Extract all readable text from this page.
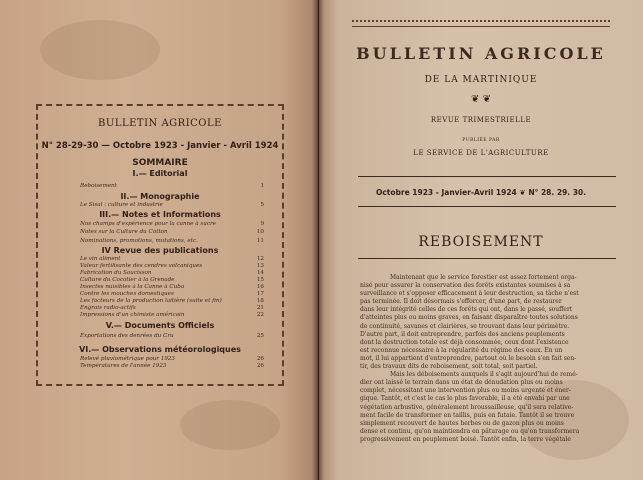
BULLETIN AGRICOLE
N° 28-29-30 — Octobre 1923 - Janvier - Avril 1924
SOMMAIRE
I.— Editorial
Reboisement	1
II.— Monographie
Le Sisal : culture et industrie	5
III.— Notes et Informations
Nos champs d'expérience pour la canne à sucre	9
Notes sur la Culture du Cotton	10
Nominations, promotions, mutations, etc.	11
IV Revue des publications
Le vin aliment	12
Valeur fertilisante des cendres volcaniques	13
Fabrication du Saucisson	14
Culture du Cocotier à la Grenade	15
Insectes nuisibles à la Canne à Cuba	16
Contre les mouches domestiques	17
Les facteurs de la production laitière (suite et fin)	18
Engrais radio-actifs	21
Impressions d'un chimiste américain	22
V.— Documents Officiels
Exportations des denrées du Cru	25
VI.— Observations météorologiques
Relevé pluviométrique pour 1923	26
Températures de l'année 1923	26
BULLETIN AGRICOLE
DE LA MARTINIQUE
❦ ❦
REVUE TRIMESTRIELLE
PUBLIÉE PAR
LE SERVICE DE L'AGRICULTURE
Octobre 1923 - Janvier-Avril 1924 ❦ N° 28. 29. 30.
REBOISEMENT
Maintenant que le service forestier est assez fortement orga-
nisé pour assurer la conservation des forêts existantes soumises à sa
surveillance et s'opposer efficacement à leur destruction, sa tâche n'est
pas terminée. Il doit désormais s'efforcer, d'une part, de restaurer
dans leur intégrité celles de ces forêts qui ont, dans le passé, souffert
d'atteintes plus ou moins graves, en faisant disparaître toutes solutions
de continuité, savanes et clairières, se trouvant dans leur périmètre.
D'autre part, il doit entreprendre, parfois des anciens peuplements
dont la destruction totale est déjà consommée, ceux dont l'existence
est reconnue nécessaire à la régularité du régime des eaux. En un
mot, il lui appartient d'entreprendre, partout où le besoin s'en fait sen-
tir, des travaux dits de reboisement, soit total, soit partiel.
Mais les déboisements auxquels il s'agit aujourd'hui de remé-
dier ont laissé le terrain dans un état de dénudation plus ou moins
complet, nécessitant une intervention plus ou moins urgente et éner-
gique. Tantôt, et c'est le cas le plus favorable, il a été envahi par une
végétation arbustive, généralement broussailleuse, qu'il sera relative-
ment facile de transformer en taillis, puis en futaie. Tantôt il se trouve
simplement recouvert de hautes herbes ou de gazon plus ou moins
dense et continu, qu'on maintiendra en pâturage ou qu'on transformera
progressivement en peuplement boisé. Tantôt enfin, la terre végétale
